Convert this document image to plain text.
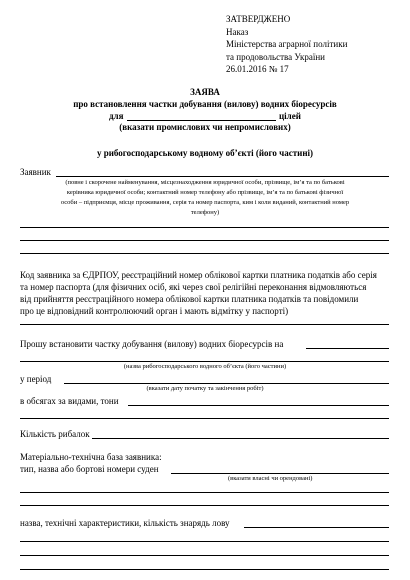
ЗАТВЕРДЖЕНО
Наказ
Міністерства аграрної політики
та продовольства України
26.01.2016 № 17
ЗАЯВА
про встановлення частки добування (вилову) водних біоресурсів
для	цілей
(вказати промислових чи непромислових)
у рибогосподарському водному об’єкті (його частині)
Заявник
(повне і скорочене найменування, місцезнаходження юридичної особи, прізвище, ім’я та по батькові
керівника юридичної особи; контактний номер телефону або прізвище, ім’я та по батькові фізичної
особи – підприємця, місце проживання, серія та номер паспорта, ким і коли виданий, контактний номер
телефону)
Код заявника за ЄДРПОУ, реєстраційний номер облікової картки платника податків або серія
та номер паспорта (для фізичних осіб, які через свої релігійні переконання відмовляються
від прийняття реєстраційного номера облікової картки платника податків та повідомили
про це відповідний контролюючий орган і мають відмітку у паспорті)
Прошу встановити частку добування (вилову) водних біоресурсів на
(назва рибогосподарського водного об’єкта (його частини)
у період
(вказати дату початку та закінчення робіт)
в обсягах за видами, тони
Кількість рибалок
Матеріально-технічна база заявника:
тип, назва або бортові номери суден
(вказати власні чи орендовані)
назва, технічні характеристики, кількість знарядь лову
